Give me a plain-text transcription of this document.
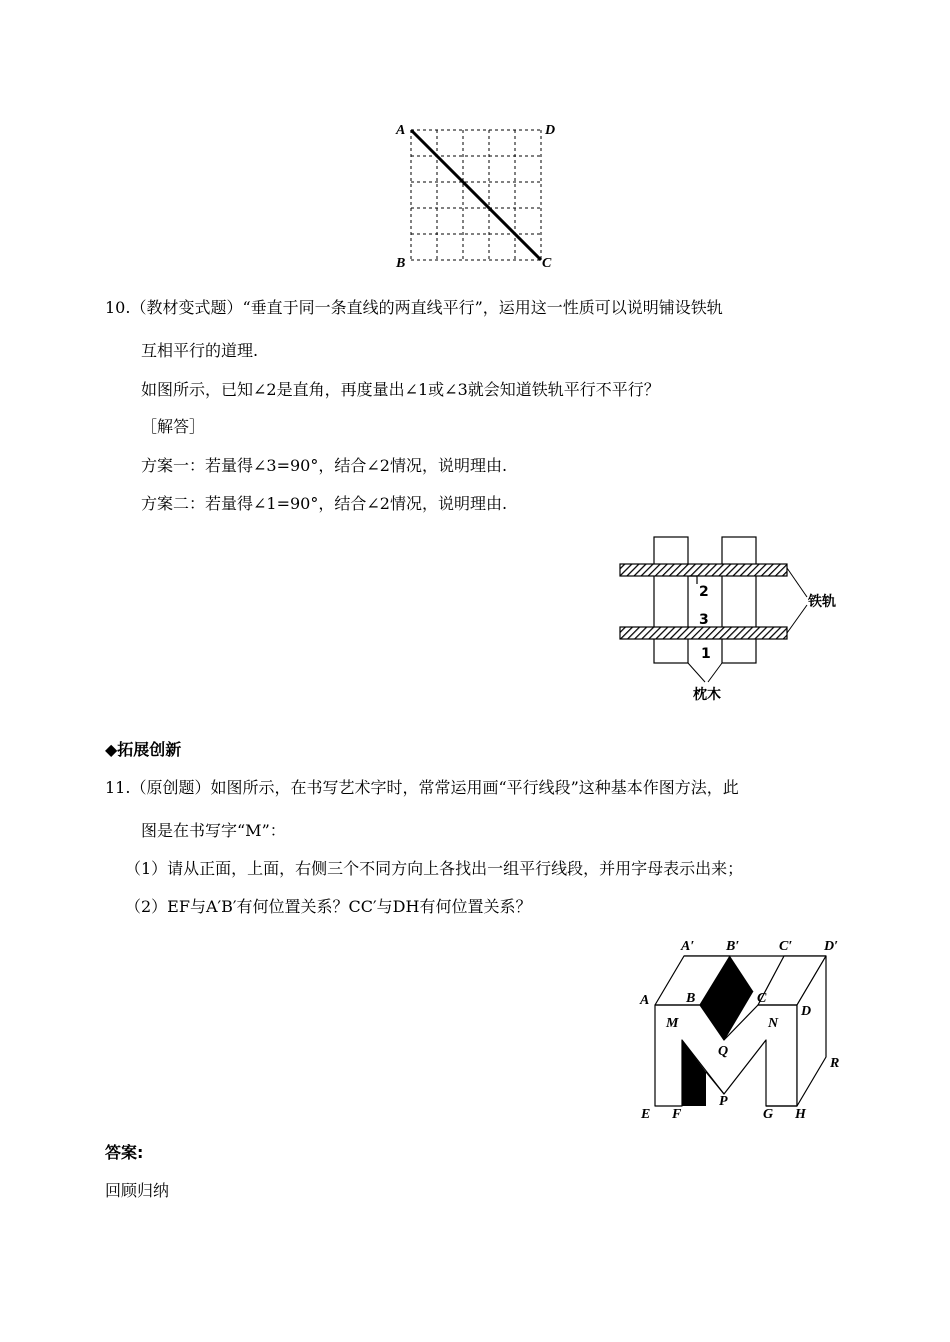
A	D
B	C
10.（教材变式题）“垂直于同一条直线的两直线平行”，运用这一性质可以说明铺设铁轨
互相平行的道理.
如图所示，已知∠2是直角，再度量出∠1或∠3就会知道铁轨平行不平行？
［解答］
方案一：若量得∠3=90°，结合∠2情况，说明理由.
方案二：若量得∠1=90°，结合∠2情况，说明理由.
2
3
1
铁轨
枕木
◆拓展创新
11.（原创题）如图所示，在书写艺术字时，常常运用画“平行线段”这种基本作图方法，此
图是在书写字“M”：
（1）请从正面，上面，右侧三个不同方向上各找出一组平行线段，并用字母表示出来；
（2）EF与A′B′有何位置关系？CC′与DH有何位置关系？
A′ B′	C′ D′
A	B	C
D
M	N
Q
R
E F
P
G H
答案:
回顾归纳
